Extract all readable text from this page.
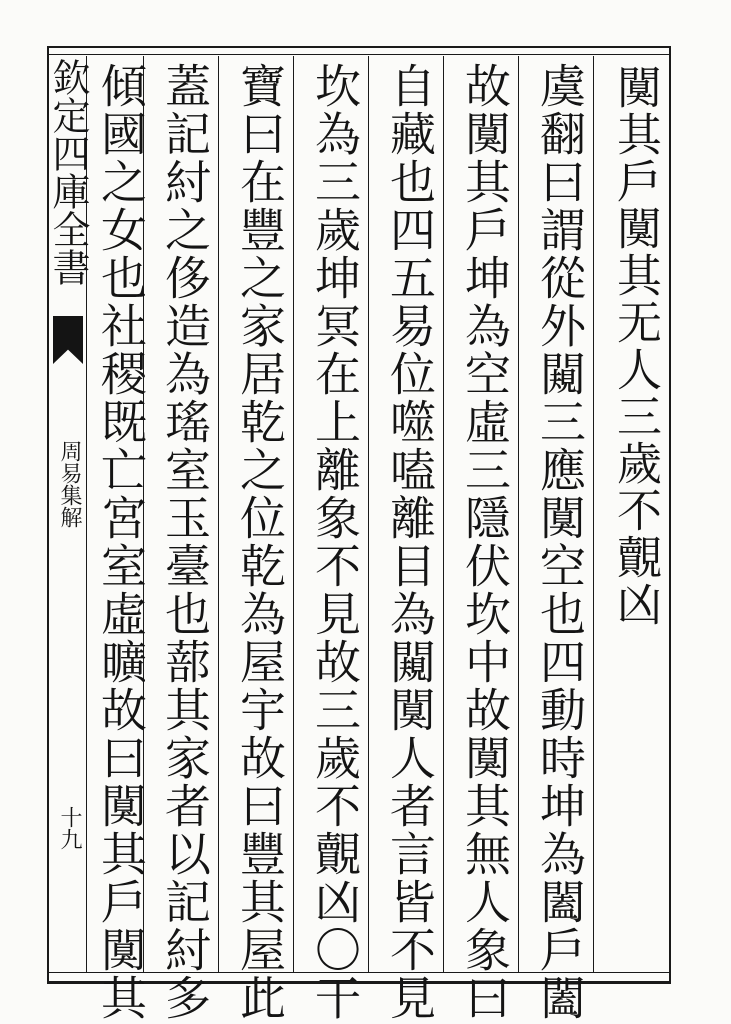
欽定四庫全書
周易集解
十九
闃其戶闃其无人三歲不覿凶
虞翻曰謂從外闚三應闃空也四動時坤為闔戶闔
故闃其戶坤為空虛三隱伏坎中故闃其無人象曰
自藏也四五易位噬嗑離目為闚闃人者言皆不見
坎為三歲坤冥在上離象不見故三歲不覿凶〇干
寶曰在豐之家居乾之位乾為屋宇故曰豐其屋此
蓋記紂之侈造為瑤室玉臺也蔀其家者以記紂多
傾國之女也社稷既亡宮室虛曠故曰闃其戶闃其
